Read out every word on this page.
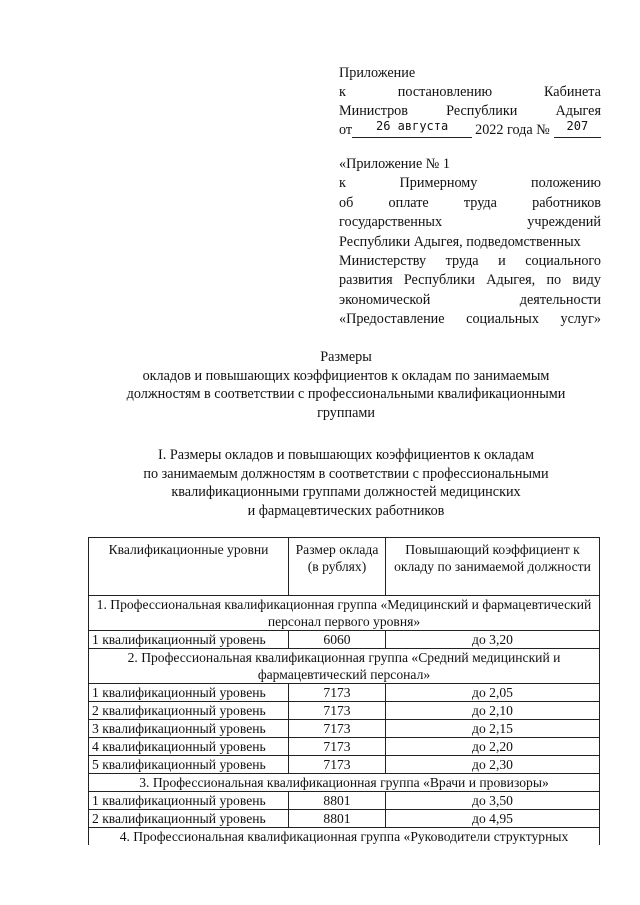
Приложение
к	постановлению	Кабинета
Министров	Республики	Адыгея
от	26 августа	2022 года №	207
«Приложение № 1
к	Примерному	положению
об оплате труда работников
государственных	учреждений
Республики Адыгея, подведомственных
Министерству труда и социального
развития Республики Адыгея, по виду
экономической	деятельности
«Предоставление социальных услуг»
Размеры
окладов и повышающих коэффициентов к окладам по занимаемым
должностям в соответствии с профессиональными квалификационными
группами
I. Размеры окладов и повышающих коэффициентов к окладам
по занимаемым должностям в соответствии с профессиональными
квалификационными группами должностей медицинских
и фармацевтических работников
Квалификационные уровни	Размер оклада (в рублях)	Повышающий коэффициент к окладу по занимаемой должности
1. Профессиональная квалификационная группа «Медицинский и фармацевтический персонал первого уровня»		
1 квалификационный уровень	6060	до 3,20
2. Профессиональная квалификационная группа «Средний медицинский и фармацевтический персонал»		
1 квалификационный уровень	7173	до 2,05
2 квалификационный уровень	7173	до 2,10
3 квалификационный уровень	7173	до 2,15
4 квалификационный уровень	7173	до 2,20
5 квалификационный уровень	7173	до 2,30
3. Профессиональная квалификационная группа «Врачи и провизоры»		
1 квалификационный уровень	8801	до 3,50
2 квалификационный уровень	8801	до 4,95
4. Профессиональная квалификационная группа «Руководители структурных		
